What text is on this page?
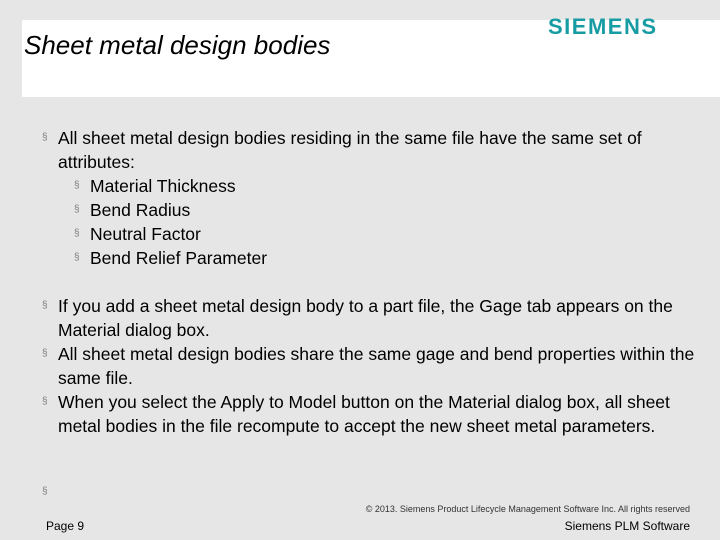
Sheet metal design bodies
SIEMENS
§ All sheet metal design bodies residing in the same file have the same set of attributes:
§ Material Thickness
§ Bend Radius
§ Neutral Factor
§ Bend Relief Parameter
§ If you add a sheet metal design body to a part file, the Gage tab appears on the Material dialog box.
§ All sheet metal design bodies share the same gage and bend properties within the same file.
§ When you select the Apply to Model button on the Material dialog box, all sheet metal bodies in the file recompute to accept the new sheet metal parameters.
§
© 2013. Siemens Product Lifecycle Management Software Inc. All rights reserved
Page 9	Siemens PLM Software
